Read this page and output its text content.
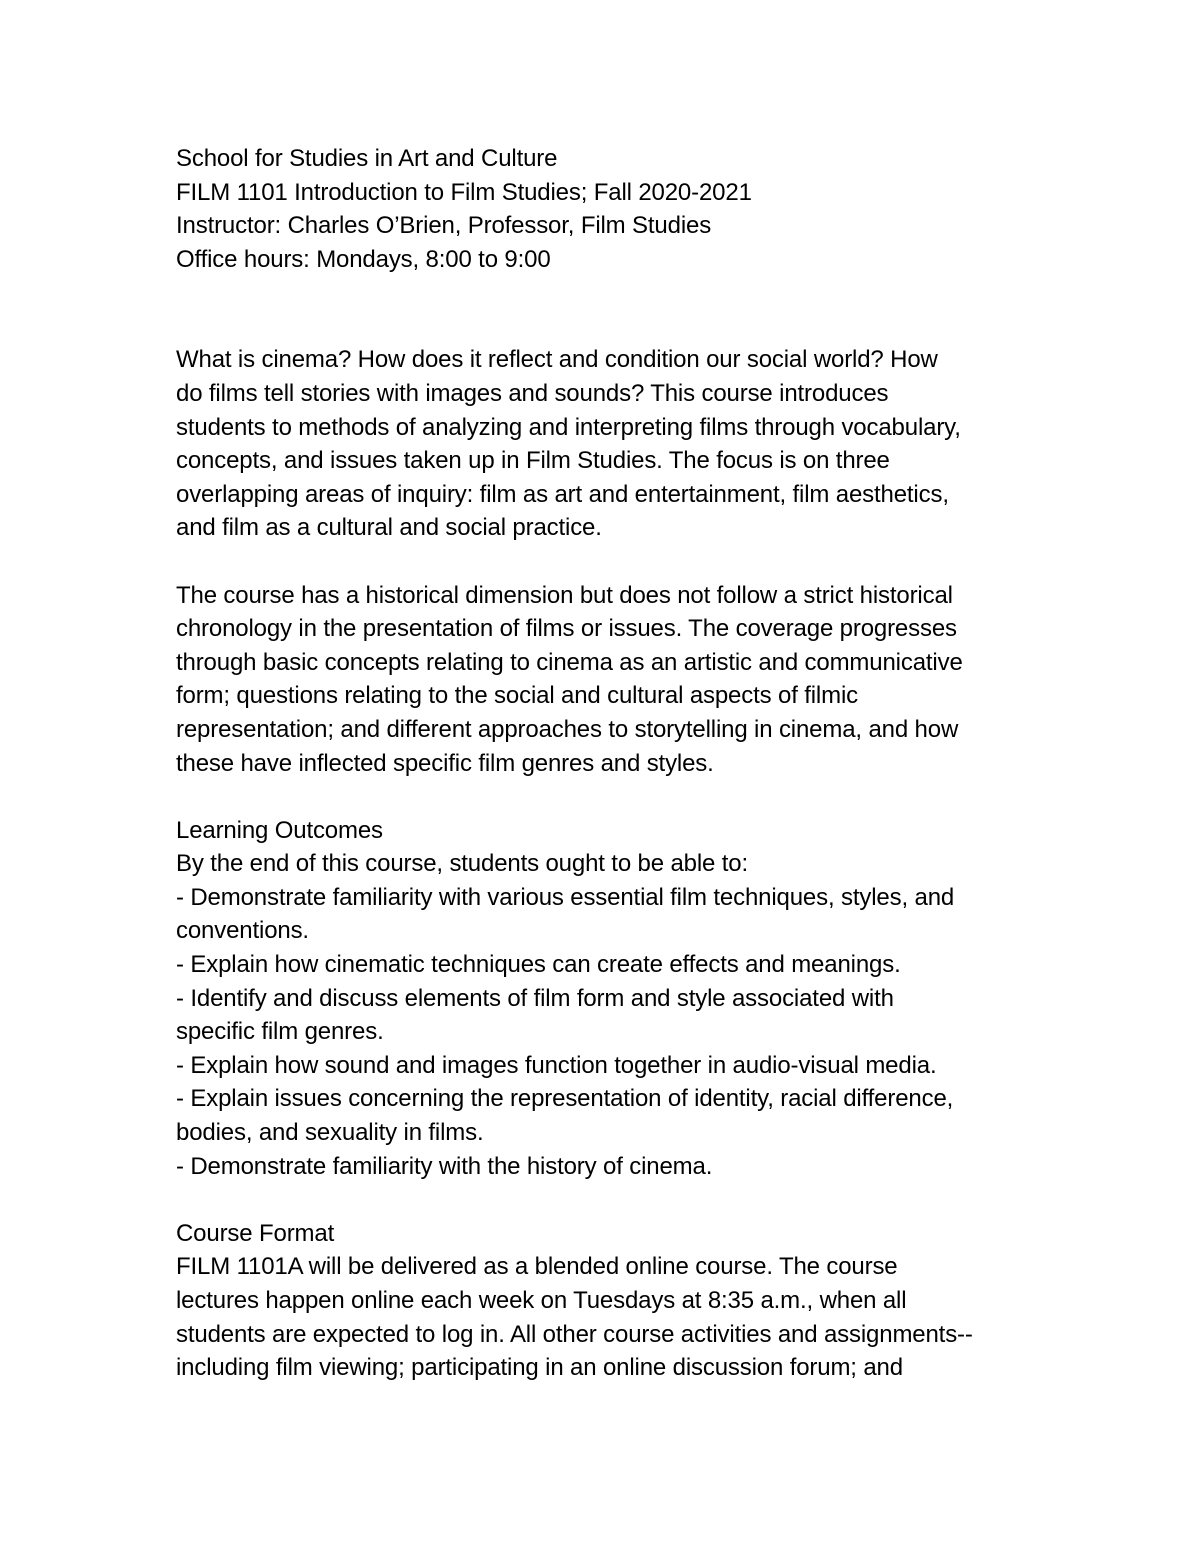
School for Studies in Art and Culture
FILM 1101 Introduction to Film Studies; Fall 2020-2021
Instructor: Charles O’Brien, Professor, Film Studies
Office hours: Mondays, 8:00 to 9:00
What is cinema? How does it reflect and condition our social world? How
do films tell stories with images and sounds? This course introduces
students to methods of analyzing and interpreting films through vocabulary,
concepts, and issues taken up in Film Studies. The focus is on three
overlapping areas of inquiry: film as art and entertainment, film aesthetics,
and film as a cultural and social practice.
The course has a historical dimension but does not follow a strict historical
chronology in the presentation of films or issues. The coverage progresses
through basic concepts relating to cinema as an artistic and communicative
form; questions relating to the social and cultural aspects of filmic
representation; and different approaches to storytelling in cinema, and how
these have inflected specific film genres and styles.
Learning Outcomes
By the end of this course, students ought to be able to:
- Demonstrate familiarity with various essential film techniques, styles, and
conventions.
- Explain how cinematic techniques can create effects and meanings.
- Identify and discuss elements of film form and style associated with
specific film genres.
- Explain how sound and images function together in audio-visual media.
- Explain issues concerning the representation of identity, racial difference,
bodies, and sexuality in films.
- Demonstrate familiarity with the history of cinema.
Course Format
FILM 1101A will be delivered as a blended online course. The course
lectures happen online each week on Tuesdays at 8:35 a.m., when all
students are expected to log in. All other course activities and assignments--
including film viewing; participating in an online discussion forum; and
